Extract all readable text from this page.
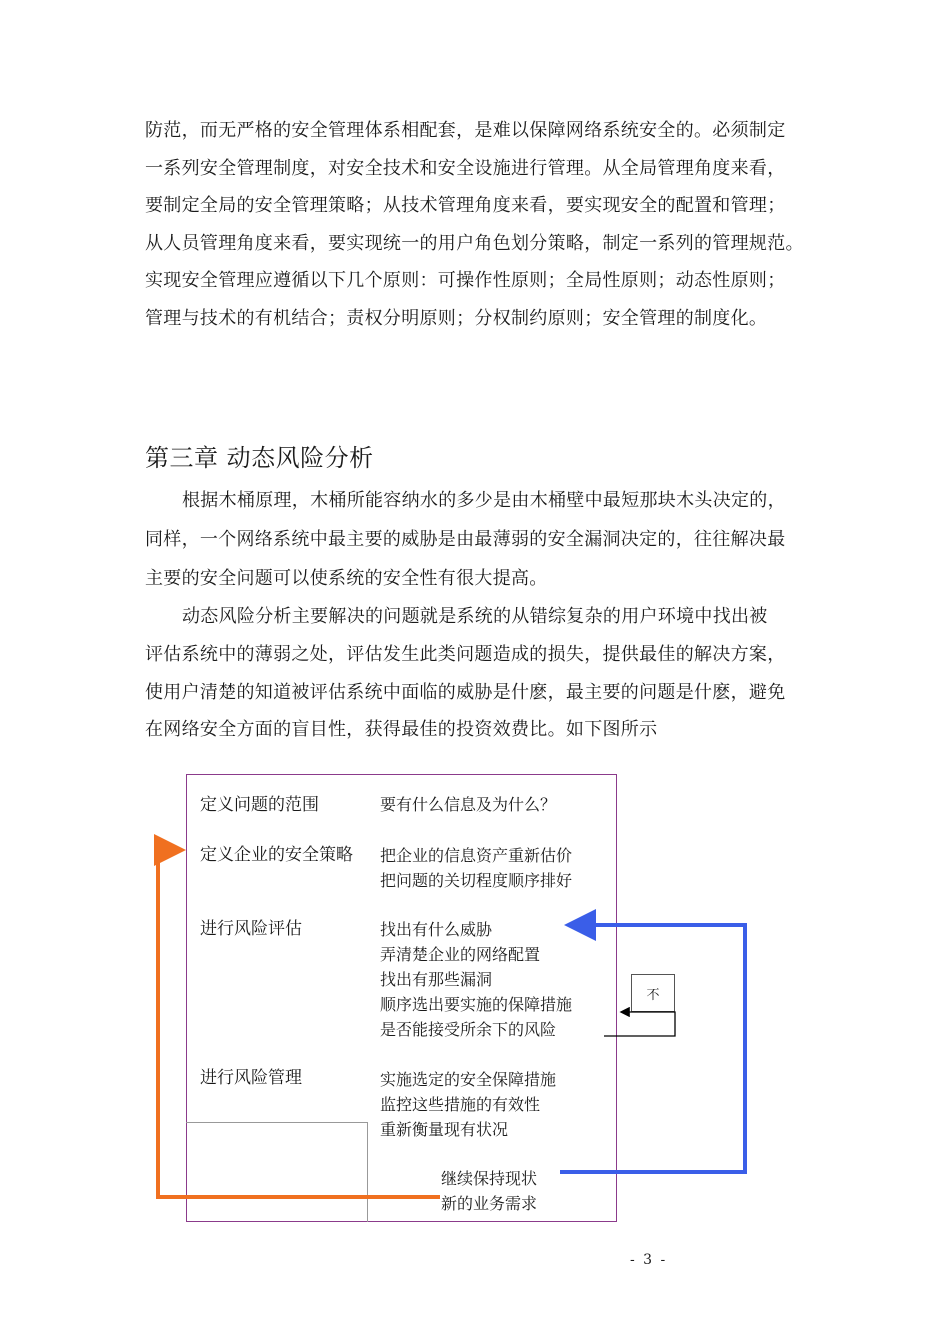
防范，而无严格的安全管理体系相配套，是难以保障网络系统安全的。必须制定
一系列安全管理制度，对安全技术和安全设施进行管理。从全局管理角度来看，
要制定全局的安全管理策略；从技术管理角度来看，要实现安全的配置和管理；
从人员管理角度来看，要实现统一的用户角色划分策略，制定一系列的管理规范。
实现安全管理应遵循以下几个原则：可操作性原则；全局性原则；动态性原则；
管理与技术的有机结合；责权分明原则；分权制约原则；安全管理的制度化。
第三章 动态风险分析
根据木桶原理，木桶所能容纳水的多少是由木桶壁中最短那块木头决定的，
同样，一个网络系统中最主要的威胁是由最薄弱的安全漏洞决定的，往往解决最
主要的安全问题可以使系统的安全性有很大提高。
动态风险分析主要解决的问题就是系统的从错综复杂的用户环境中找出被
评估系统中的薄弱之处，评估发生此类问题造成的损失，提供最佳的解决方案，
使用户清楚的知道被评估系统中面临的威胁是什麽，最主要的问题是什麽，避免
在网络安全方面的盲目性，获得最佳的投资效费比。如下图所示
定义问题的范围	要有什么信息及为什么？
定义企业的安全策略 把企业的信息资产重新估价
把问题的关切程度顺序排好
进行风险评估	找出有什么威胁
弄清楚企业的网络配置
找出有那些漏洞
顺序选出要实施的保障措施
是否能接受所余下的风险
进行风险管理	实施选定的安全保障措施
监控这些措施的有效性
重新衡量现有状况
继续保持现状
新的业务需求
不
- 3 -
